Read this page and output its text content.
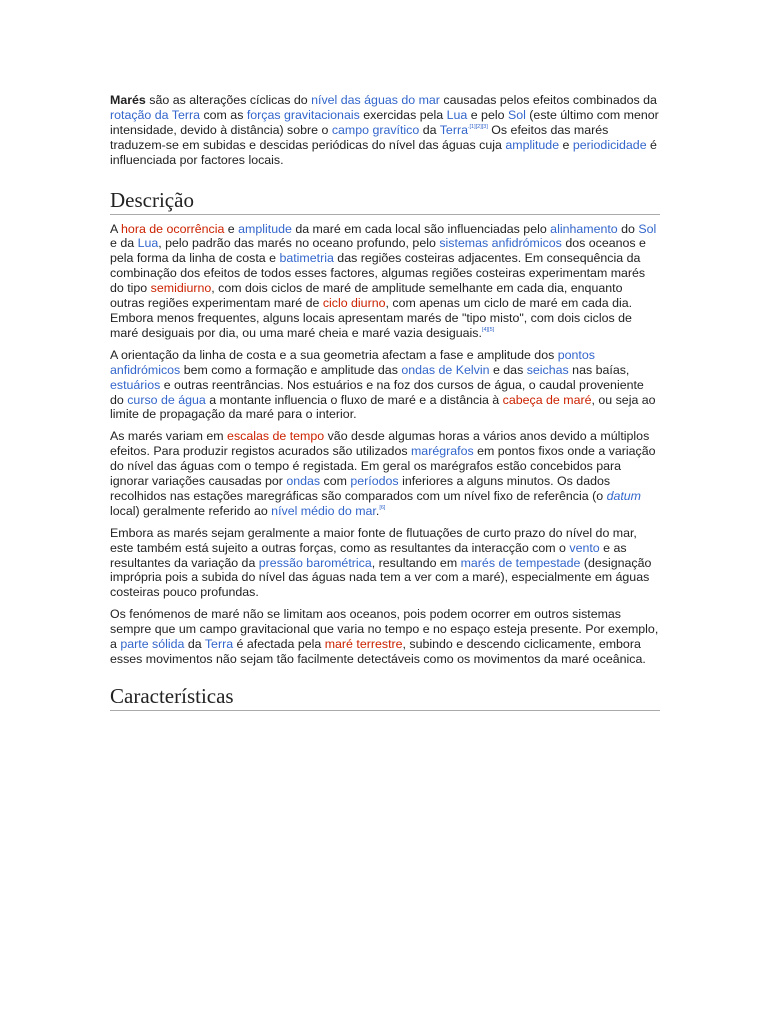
Marés são as alterações cíclicas do nível das águas do mar causadas pelos efeitos combinados da rotação da Terra com as forças gravitacionais exercidas pela Lua e pelo Sol (este último com menor intensidade, devido à distância) sobre o campo gravítico da Terra$^{.[1][2][3]}$ Os efeitos das marés traduzem-se em subidas e descidas periódicas do nível das águas cuja amplitude e periodicidade é influenciada por factores locais.

Descrição

A hora de ocorrência e amplitude da maré em cada local são influenciadas pelo alinhamento do Sol e da Lua, pelo padrão das marés no oceano profundo, pelo sistemas anfidrómicos dos oceanos e pela forma da linha de costa e batimetria das regiões costeiras adjacentes. Em consequência da combinação dos efeitos de todos esses factores, algumas regiões costeiras experimentam marés do tipo semidiurno, com dois ciclos de maré de amplitude semelhante em cada dia, enquanto outras regiões experimentam maré de ciclo diurno, com apenas um ciclo de maré em cada dia. Embora menos frequentes, alguns locais apresentam marés de "tipo misto", com dois ciclos de maré desiguais por dia, ou uma maré cheia e maré vazia desiguais.[4][5]

A orientação da linha de costa e a sua geometria afectam a fase e amplitude dos pontos anfidrómicos bem como a formação e amplitude das ondas de Kelvin e das seichas nas baías, estuários e outras reentrâncias. Nos estuários e na foz dos cursos de água, o caudal proveniente do curso de água a montante influencia o fluxo de maré e a distância à cabeça de maré, ou seja ao limite de propagação da maré para o interior.

As marés variam em escalas de tempo vão desde algumas horas a vários anos devido a múltiplos efeitos. Para produzir registos acurados são utilizados marégrafos em pontos fixos onde a variação do nível das águas com o tempo é registada. Em geral os marégrafos estão concebidos para ignorar variações causadas por ondas com períodos inferiores a alguns minutos. Os dados recolhidos nas estações maregráficas são comparados com um nível fixo de referência (o datum local) geralmente referido ao nível médio do mar.[6]

Embora as marés sejam geralmente a maior fonte de flutuações de curto prazo do nível do mar, este também está sujeito a outras forças, como as resultantes da interacção com o vento e as resultantes da variação da pressão barométrica, resultando em marés de tempestade (designação imprópria pois a subida do nível das águas nada tem a ver com a maré), especialmente em águas costeiras pouco profundas.

Os fenómenos de maré não se limitam aos oceanos, pois podem ocorrer em outros sistemas sempre que um campo gravitacional que varia no tempo e no espaço esteja presente. Por exemplo, a parte sólida da Terra é afectada pela maré terrestre, subindo e descendo ciclicamente, embora esses movimentos não sejam tão facilmente detectáveis como os movimentos da maré oceânica.

Características
